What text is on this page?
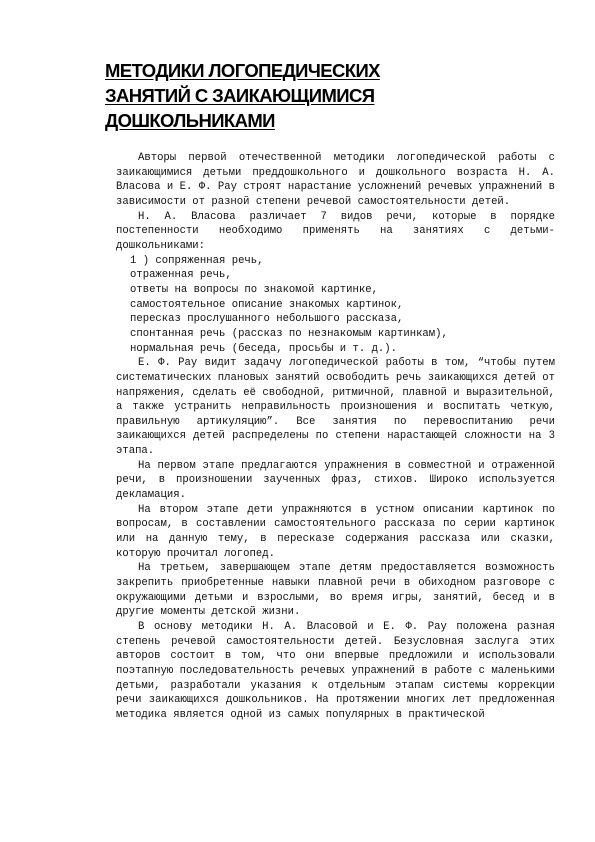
МЕТОДИКИ ЛОГОПЕДИЧЕСКИХ
ЗАНЯТИЙ С ЗАИКАЮЩИМИСЯ
ДОШКОЛЬНИКАМИ

Авторы первой отечественной методики логопедической работы с заикающимися детьми преддошкольного и дошкольного возраста Н. А. Власова и Е. Ф. Рау строят нарастание усложнений речевых упражнений в зависимости от разной степени речевой самостоятельности детей.

Н. А. Власова различает 7 видов речи, которые в порядке постепенности необходимо применять на занятиях с детьми-дошкольниками:

1 ) сопряженная речь,
отраженная речь,
ответы на вопросы по знакомой картинке,
самостоятельное описание знакомых картинок,
пересказ прослушанного небольшого рассказа,
спонтанная речь (рассказ по незнакомым картинкам),
нормальная речь (беседа, просьбы и т. д.).

Е. Ф. Рау видит задачу логопедической работы в том, “чтобы путем систематических плановых занятий освободить речь заикающихся детей от напряжения, сделать её свободной, ритмичной, плавной и выразительной, а также устранить неправильность произношения и воспитать четкую, правильную артикуляцию”. Все занятия по перевоспитанию речи заикающихся детей распределены по степени нарастающей сложности на 3 этапа.

На первом этапе предлагаются упражнения в совместной и отраженной речи, в произношении заученных фраз, стихов. Широко используется декламация.

На втором этапе дети упражняются в устном описании картинок по вопросам, в составлении самостоятельного рассказа по серии картинок или на данную тему, в пересказе содержания рассказа или сказки, которую прочитал логопед.

На третьем, завершающем этапе детям предоставляется возможность закрепить приобретенные навыки плавной речи в обиходном разговоре с окружающими детьми и взрослыми, во время игры, занятий, бесед и в другие моменты детской жизни.

В основу методики Н. А. Власовой и Е. Ф. Рау положена разная степень речевой самостоятельности детей. Безусловная заслуга этих авторов состоит в том, что они впервые предложили и использовали поэтапную последовательность речевых упражнений в работе с маленькими детьми, разработали указания к отдельным этапам системы коррекции речи заикающихся дошкольников. На протяжении многих лет предложенная методика является одной из самых популярных в практической
